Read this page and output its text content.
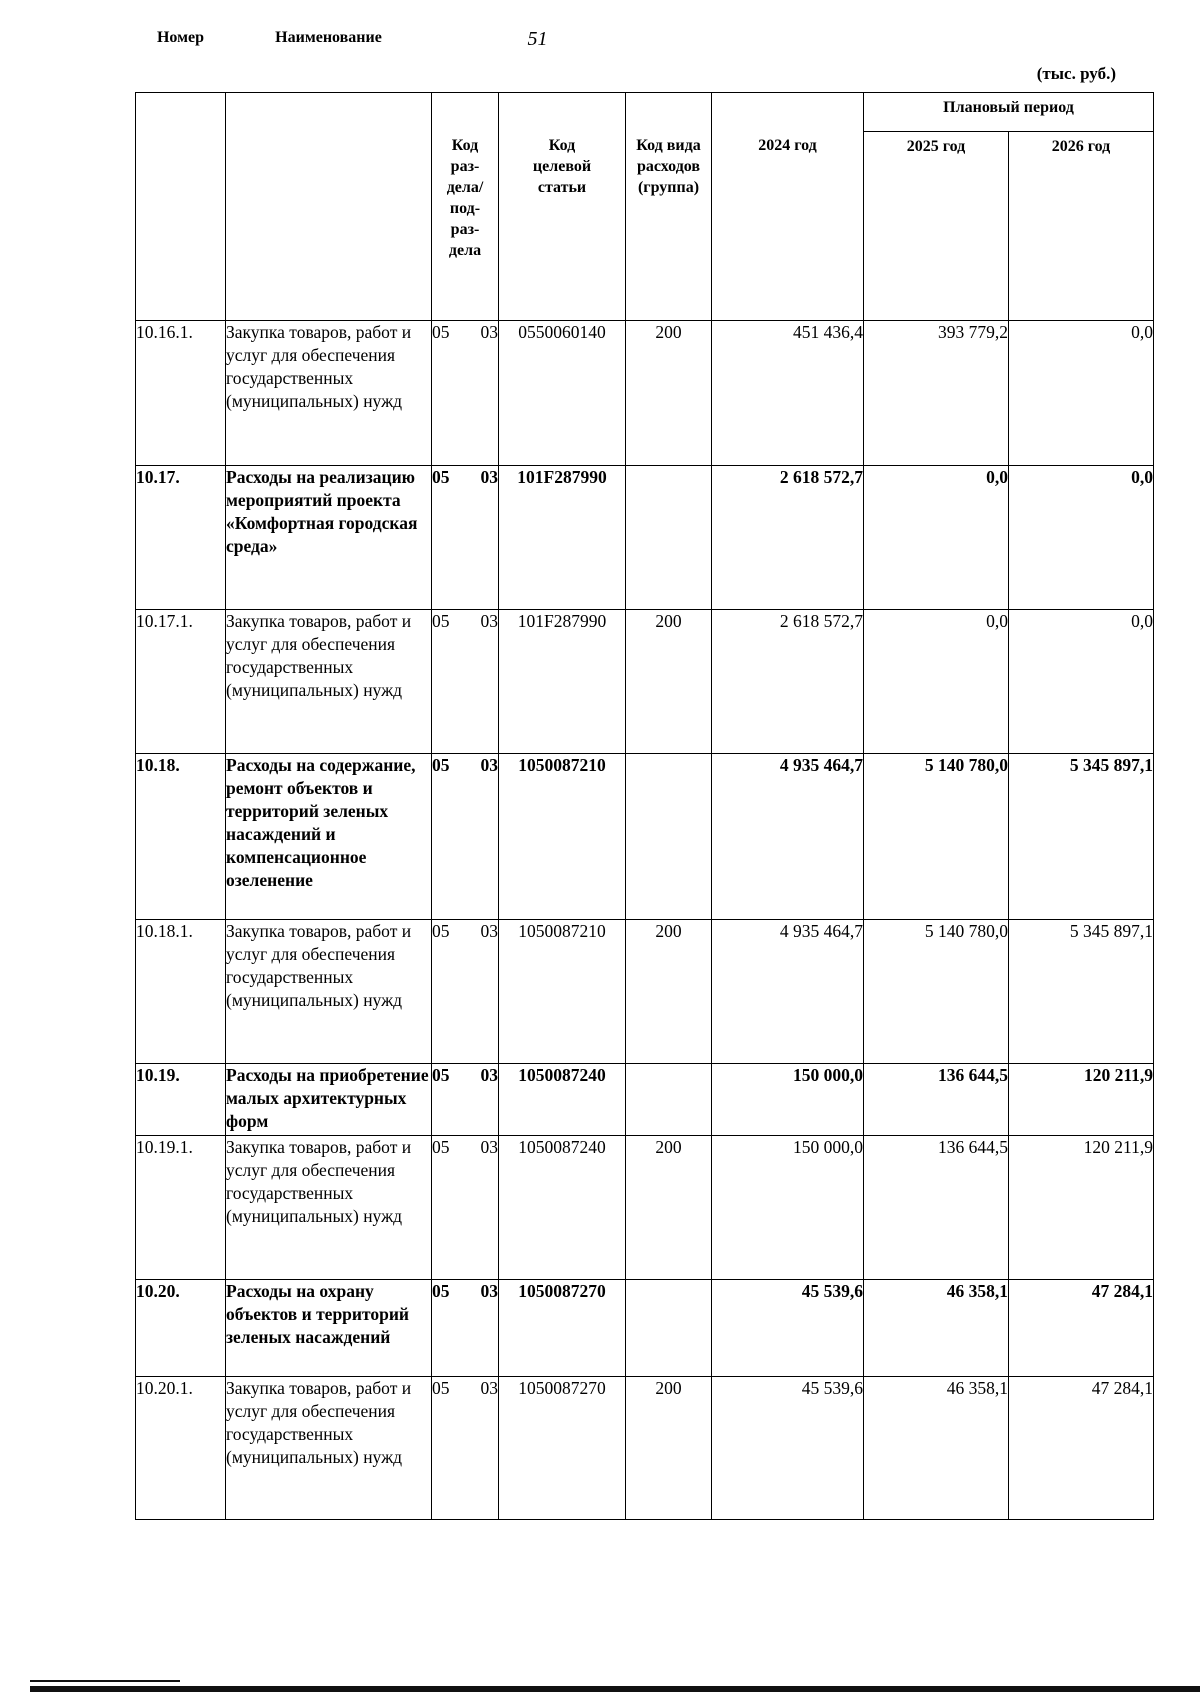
51
(тыс. руб.)
Номер	Наименование	Код раз-дела/ под-раз-дела	Код целевой статьи	Код вида расходов (группа)	2024 год	Плановый период	
						2025 год	2026 год
10.16.1.	Закупка товаров, работ и услуг для обеспечения государственных (муниципальных) нужд	05 03	0550060140	200	451 436,4	393 779,2	0,0
10.17.	Расходы на реализацию мероприятий проекта «Комфортная городская среда»	05 03	101F287990		2 618 572,7	0,0	0,0
10.17.1.	Закупка товаров, работ и услуг для обеспечения государственных (муниципальных) нужд	05 03	101F287990	200	2 618 572,7	0,0	0,0
10.18.	Расходы на содержание, ремонт объектов и территорий зеленых насаждений и компенсационное озеленение	05 03	1050087210		4 935 464,7	5 140 780,0	5 345 897,1
10.18.1.	Закупка товаров, работ и услуг для обеспечения государственных (муниципальных) нужд	05 03	1050087210	200	4 935 464,7	5 140 780,0	5 345 897,1
10.19.	Расходы на приобретение малых архитектурных форм	05 03	1050087240		150 000,0	136 644,5	120 211,9
10.19.1.	Закупка товаров, работ и услуг для обеспечения государственных (муниципальных) нужд	05 03	1050087240	200	150 000,0	136 644,5	120 211,9
10.20.	Расходы на охрану объектов и территорий зеленых насаждений	05 03	1050087270		45 539,6	46 358,1	47 284,1
10.20.1.	Закупка товаров, работ и услуг для обеспечения государственных (муниципальных) нужд	05 03	1050087270	200	45 539,6	46 358,1	47 284,1
